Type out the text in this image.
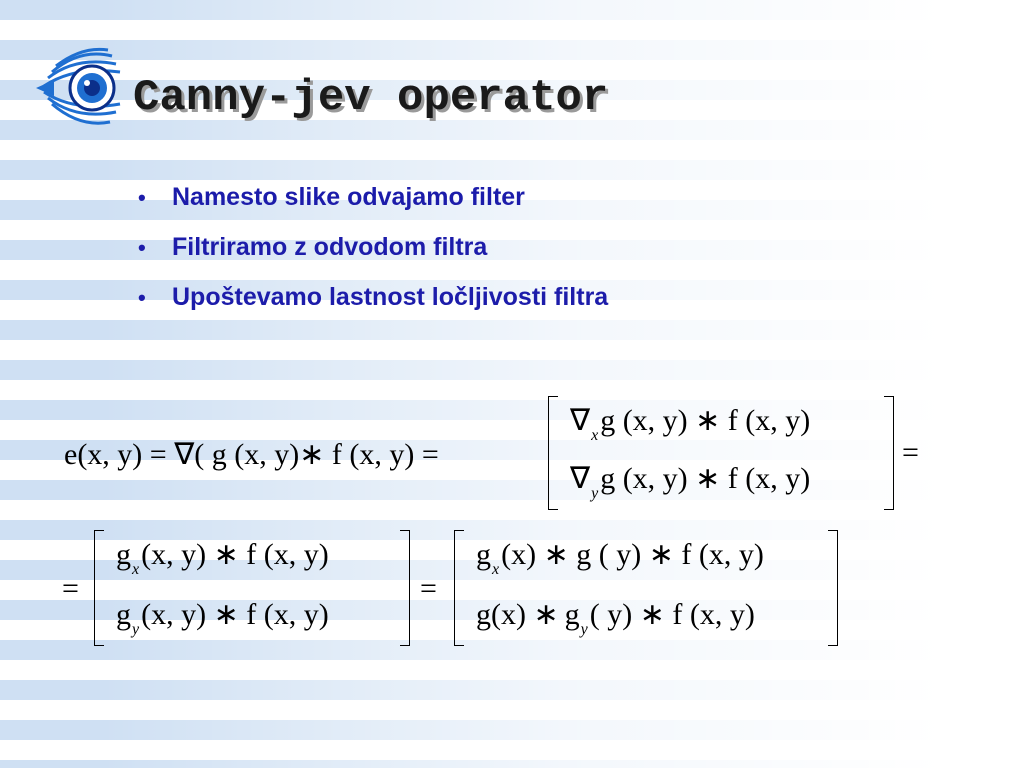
Canny-jev operator
• Namesto slike odvajamo filter
• Filtriramo z odvodom filtra
• Upoštevamo lastnost ločljivosti filtra
e(x, y) = ∇( g (x, y)∗ f (x, y) =
$\nabla_xg$ (x, y) ∗ f (x, y)
$\nabla_yg$ (x, y) ∗ f (x, y)
=
=
$g_x(x$, y) ∗ f (x, y)
$g_y(x$, y) ∗ f (x, y)
=
$g_x(x)$ ∗ g ( y) ∗ f (x, y)
g(x) ∗ $g_y$( y) ∗ f (x, y)
